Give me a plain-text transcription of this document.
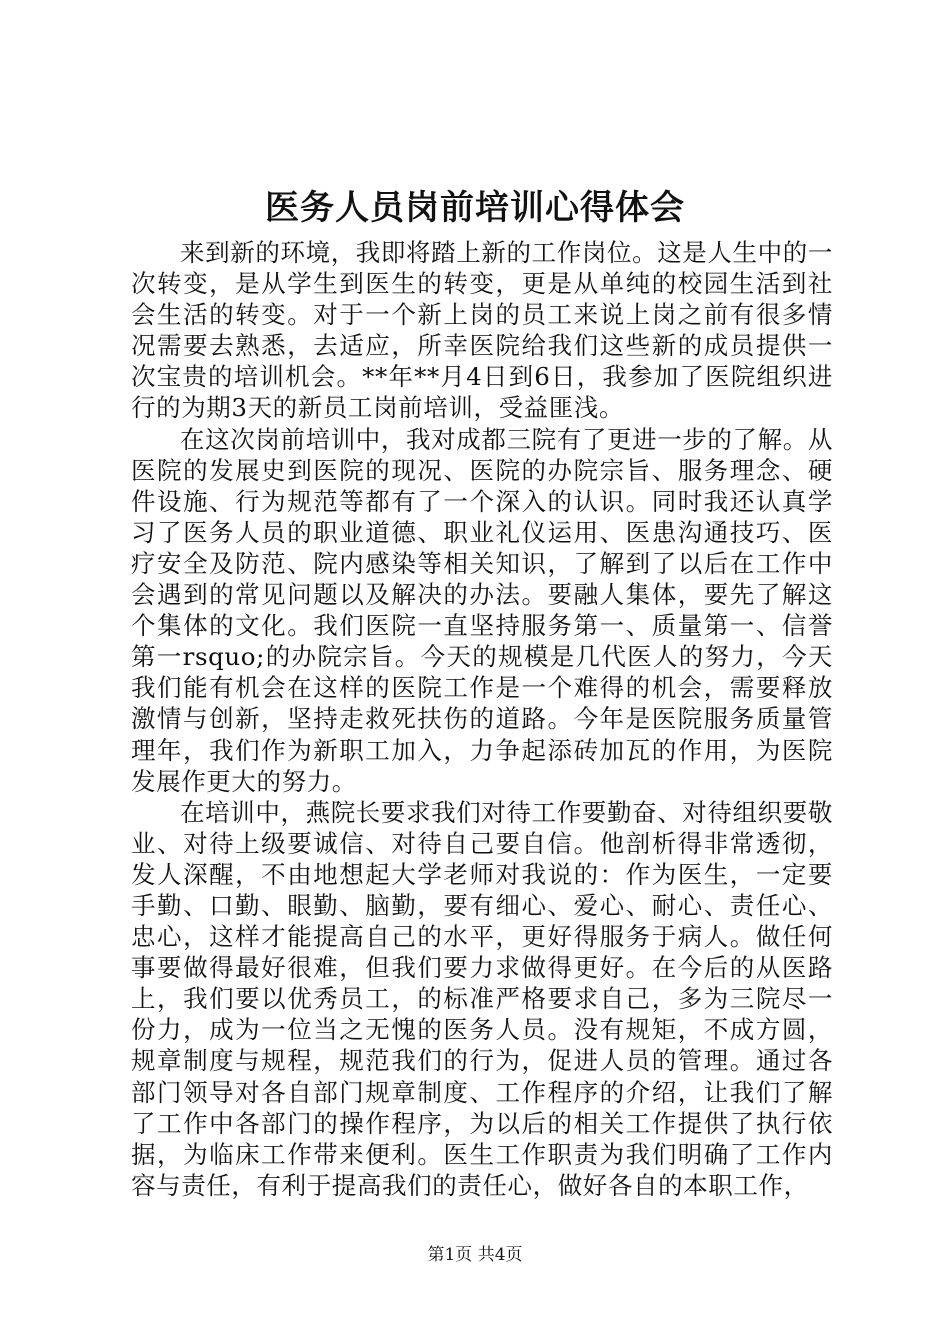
医务人员岗前培训心得体会

来到新的环境，我即将踏上新的工作岗位。这是人生中的一次转变，是从学生到医生的转变，更是从单纯的校园生活到社会生活的转变。对于一个新上岗的员工来说上岗之前有很多情况需要去熟悉，去适应，所幸医院给我们这些新的成员提供一次宝贵的培训机会。**年**月4日到6日，我参加了医院组织进行的为期3天的新员工岗前培训，受益匪浅。

在这次岗前培训中，我对成都三院有了更进一步的了解。从医院的发展史到医院的现况、医院的办院宗旨、服务理念、硬件设施、行为规范等都有了一个深入的认识。同时我还认真学习了医务人员的职业道德、职业礼仪运用、医患沟通技巧、医疗安全及防范、院内感染等相关知识，了解到了以后在工作中会遇到的常见问题以及解决的办法。要融人集体，要先了解这个集体的文化。我们医院一直坚持服务第一、质量第一、信誉第一rsquo;的办院宗旨。今天的规模是几代医人的努力，今天我们能有机会在这样的医院工作是一个难得的机会，需要释放激情与创新，坚持走救死扶伤的道路。今年是医院服务质量管理年，我们作为新职工加入，力争起添砖加瓦的作用，为医院发展作更大的努力。

在培训中，燕院长要求我们对待工作要勤奋、对待组织要敬业、对待上级要诚信、对待自己要自信。他剖析得非常透彻，发人深醒，不由地想起大学老师对我说的：作为医生，一定要手勤、口勤、眼勤、脑勤，要有细心、爱心、耐心、责任心、忠心，这样才能提高自己的水平，更好得服务于病人。做任何事要做得最好很难，但我们要力求做得更好。在今后的从医路上，我们要以优秀员工，的标准严格要求自己，多为三院尽一份力，成为一位当之无愧的医务人员。没有规矩，不成方圆，规章制度与规程，规范我们的行为，促进人员的管理。通过各部门领导对各自部门规章制度、工作程序的介绍，让我们了解了工作中各部门的操作程序，为以后的相关工作提供了执行依据，为临床工作带来便利。医生工作职责为我们明确了工作内容与责任，有利于提高我们的责任心，做好各自的本职工作，

第1页 共4页
